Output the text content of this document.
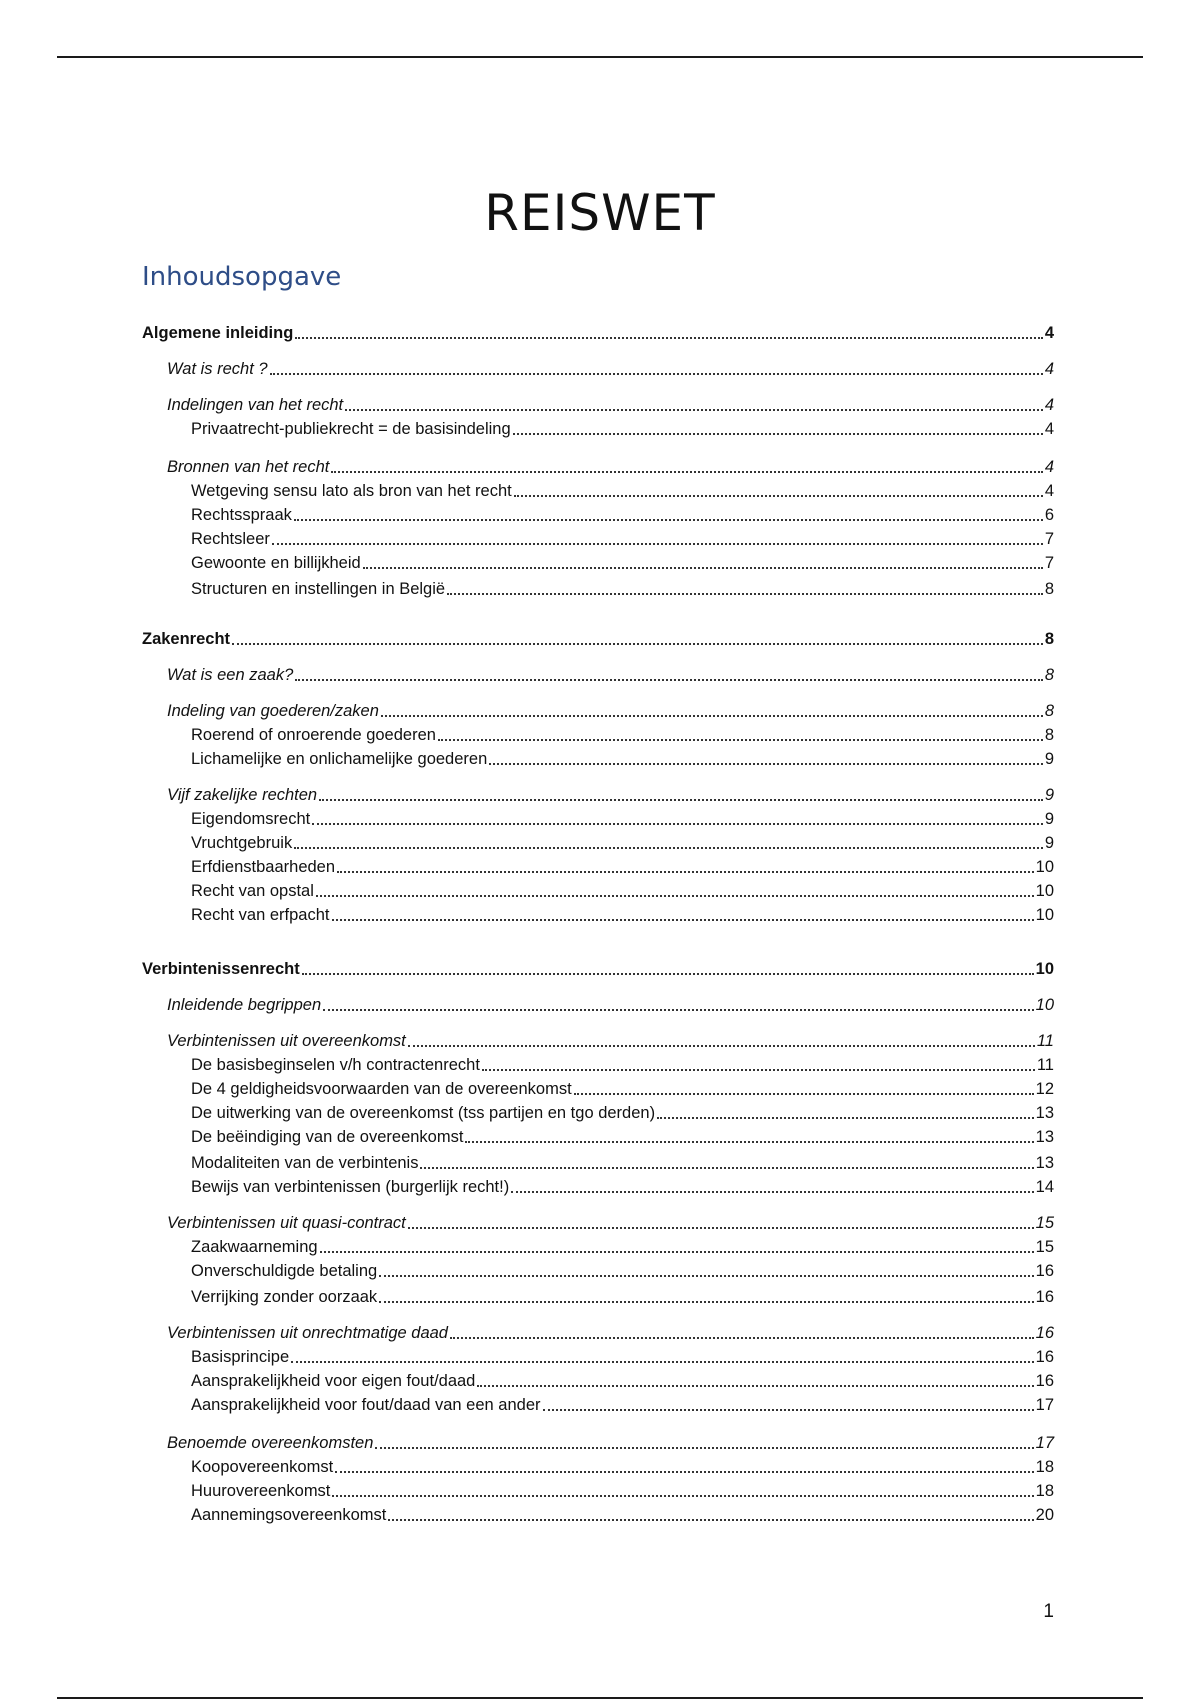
REISWET
Inhoudsopgave
Algemene inleiding	4
Wat is recht ?	4
Indelingen van het recht	4
Privaatrecht-publiekrecht = de basisindeling	4
Bronnen van het recht	4
Wetgeving sensu lato als bron van het recht	4
Rechtsspraak	6
Rechtsleer	7
Gewoonte en billijkheid	7
Structuren en instellingen in België	8
Zakenrecht	8
Wat is een zaak?	8
Indeling van goederen/zaken	8
Roerend of onroerende goederen	8
Lichamelijke en onlichamelijke goederen	9
Vijf zakelijke rechten	9
Eigendomsrecht	9
Vruchtgebruik	9
Erfdienstbaarheden	10
Recht van opstal	10
Recht van erfpacht	10
Verbintenissenrecht	10
Inleidende begrippen	10
Verbintenissen uit overeenkomst	11
De basisbeginselen v/h contractenrecht	11
De 4 geldigheidsvoorwaarden van de overeenkomst	12
De uitwerking van de overeenkomst (tss partijen en tgo derden)	13
De beëindiging van de overeenkomst	13
Modaliteiten van de verbintenis	13
Bewijs van verbintenissen (burgerlijk recht!)	14
Verbintenissen uit quasi-contract	15
Zaakwaarneming	15
Onverschuldigde betaling	16
Verrijking zonder oorzaak	16
Verbintenissen uit onrechtmatige daad	16
Basisprincipe	16
Aansprakelijkheid voor eigen fout/daad	16
Aansprakelijkheid voor fout/daad van een ander	17
Benoemde overeenkomsten	17
Koopovereenkomst	18
Huurovereenkomst	18
Aannemingsovereenkomst	20
1
